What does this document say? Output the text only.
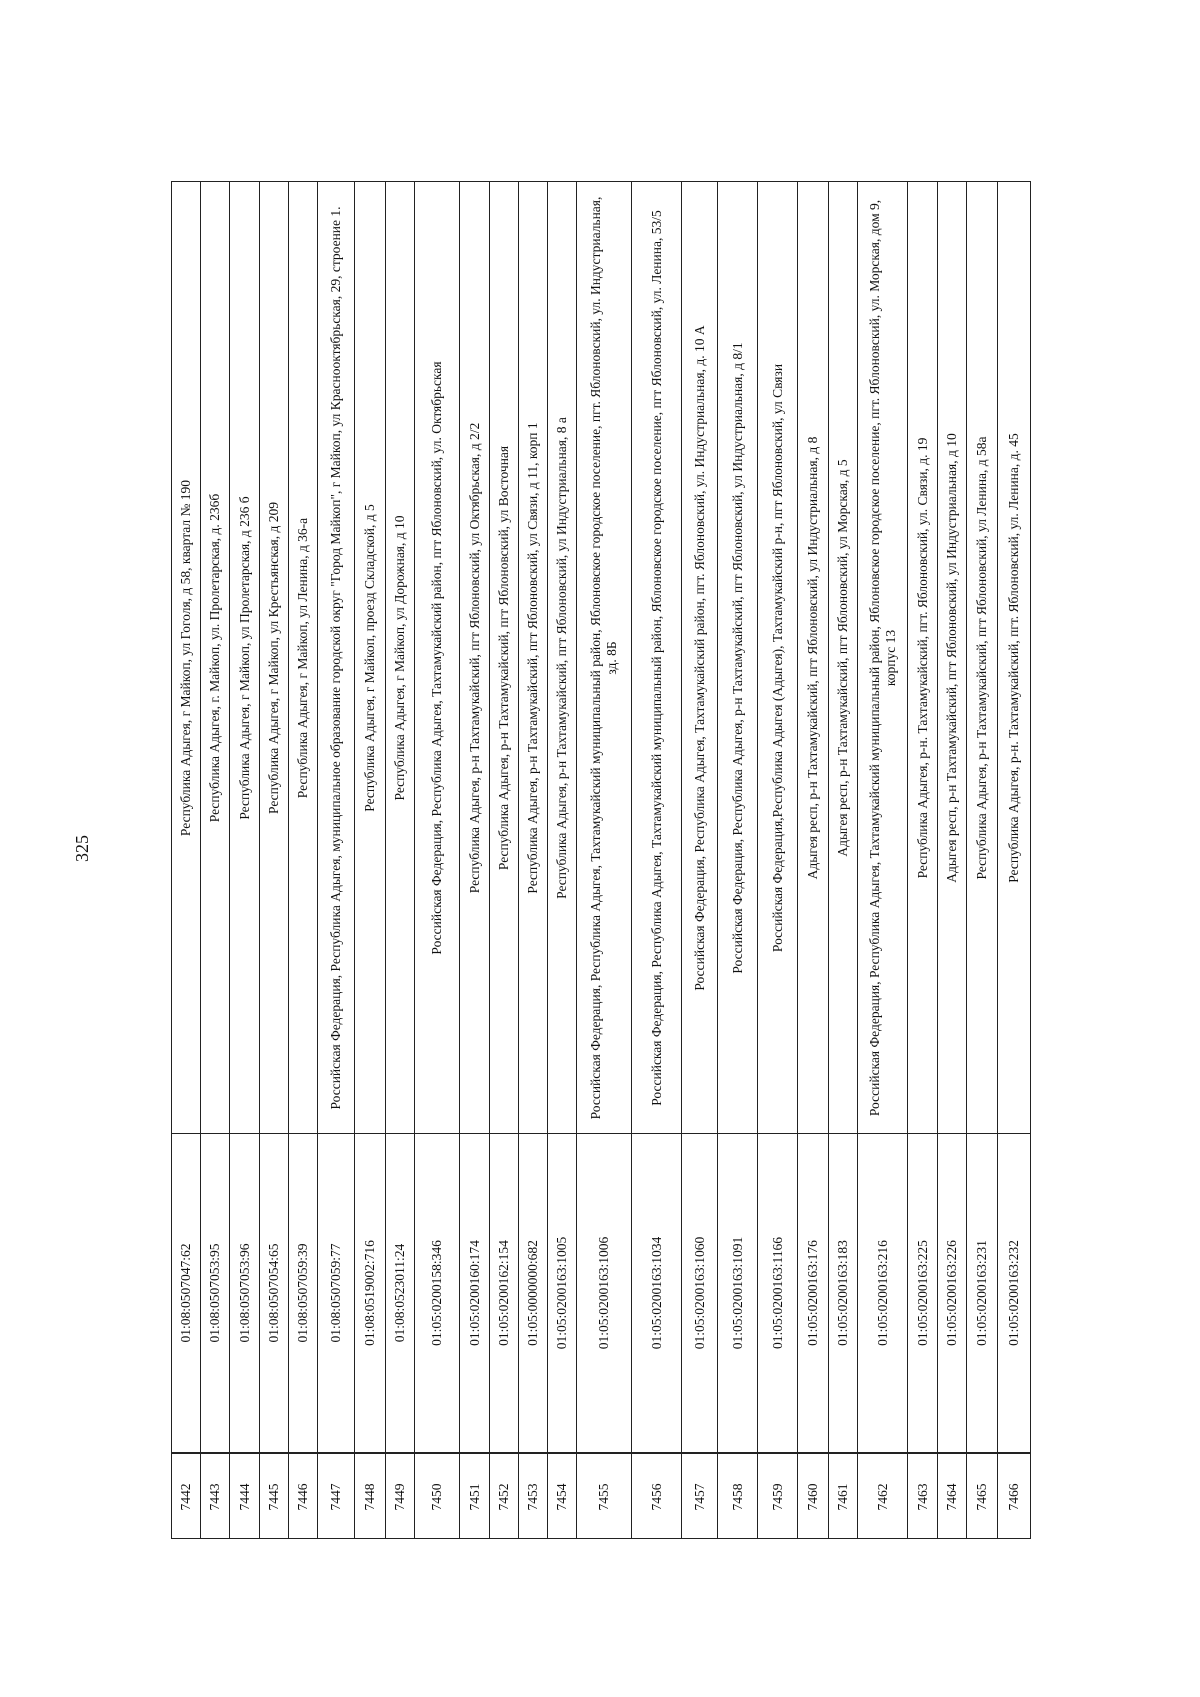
325
Республика Адыгея, г Майкоп, ул Гоголя, д 58, квартал № 190
01:08:0507047:62
7442
Республика Адыгея, г. Майкоп, ул. Пролетарская, д. 236б
01:08:0507053:95
7443
Республика Адыгея, г Майкоп, ул Пролетарская, д 236 б
01:08:0507053:96
7444
Республика Адыгея, г Майкоп, ул Крестьянская, д 209
01:08:0507054:65
7445
Республика Адыгея, г Майкоп, ул Ленина, д 36-а
01:08:0507059:39
7446
Российская Федерация, Республика Адыгея, муниципальное образование городской округ "Город Майкоп", г Майкоп, ул Краснооктябрьская, 29, строение 1.
01:08:0507059:77
7447
Республика Адыгея, г Майкоп, проезд Складской, д 5
01:08:0519002:716
7448
Республика Адыгея, г Майкоп, ул Дорожная, д 10
01:08:0523011:24
7449
Российская Федерация, Республика Адыгея, Тахтамукайский район, пгт Яблоновский, ул. Октябрьская
01:05:0200158:346
7450
Республика Адыгея, р-н Тахтамукайский, пгт Яблоновский, ул Октябрьская, д 2/2
01:05:0200160:174
7451
Республика Адыгея, р-н Тахтамукайский, пгт Яблоновский, ул Восточная
01:05:0200162:154
7452
Республика Адыгея, р-н Тахтамукайский, пгт Яблоновский, ул Связи, д 11, корп 1
01:05:0000000:682
7453
Республика Адыгея, р-н Тахтамукайский, пгт Яблоновский, ул Индустриальная, 8 а
01:05:0200163:1005
7454
Российская Федерация, Республика Адыгея, Тахтамукайский муниципальный район, Яблоновское городское поселение, пгт. Яблоновский, ул. Индустриальная, зд. 8Б
01:05:0200163:1006
7455
Российская Федерация, Республика Адыгея, Тахтамукайский муниципальный район, Яблоновское городское поселение, пгт Яблоновский, ул. Ленина, 53/5
01:05:0200163:1034
7456
Российская Федерация, Республика Адыгея, Тахтамукайский район, пгт. Яблоновский, ул. Индустриальная, д. 10 А
01:05:0200163:1060
7457
Российская Федерация, Республика Адыгея, р-н Тахтамукайский, пгт Яблоновский, ул Индустриальная, д 8/1
01:05:0200163:1091
7458
Российская Федерация,Республика Адыгея (Адыгея), Тахтамукайский р-н, пгт Яблоновский, ул Связи
01:05:0200163:1166
7459
Адыгея респ, р-н Тахтамукайский, пгт Яблоновский, ул Индустриальная, д 8
01:05:0200163:176
7460
Адыгея респ, р-н Тахтамукайский, пгт Яблоновский, ул Морская, д 5
01:05:0200163:183
7461
Российская Федерация, Республика Адыгея, Тахтамукайский муниципальный район, Яблоновское городское поселение, пгт. Яблоновский, ул. Морская, дом 9, корпус 13
01:05:0200163:216
7462
Республика Адыгея, р-н. Тахтамукайский, пгт. Яблоновский, ул. Связи, д. 19
01:05:0200163:225
7463
Адыгея респ, р-н Тахтамукайский, пгт Яблоновский, ул Индустриальная, д 10
01:05:0200163:226
7464
Республика Адыгея, р-н Тахтамукайский, пгт Яблоновский, ул Ленина, д 58а
01:05:0200163:231
7465
Республика Адыгея, р-н. Тахтамукайский, пгт. Яблоновский, ул. Ленина, д. 45
01:05:0200163:232
7466
